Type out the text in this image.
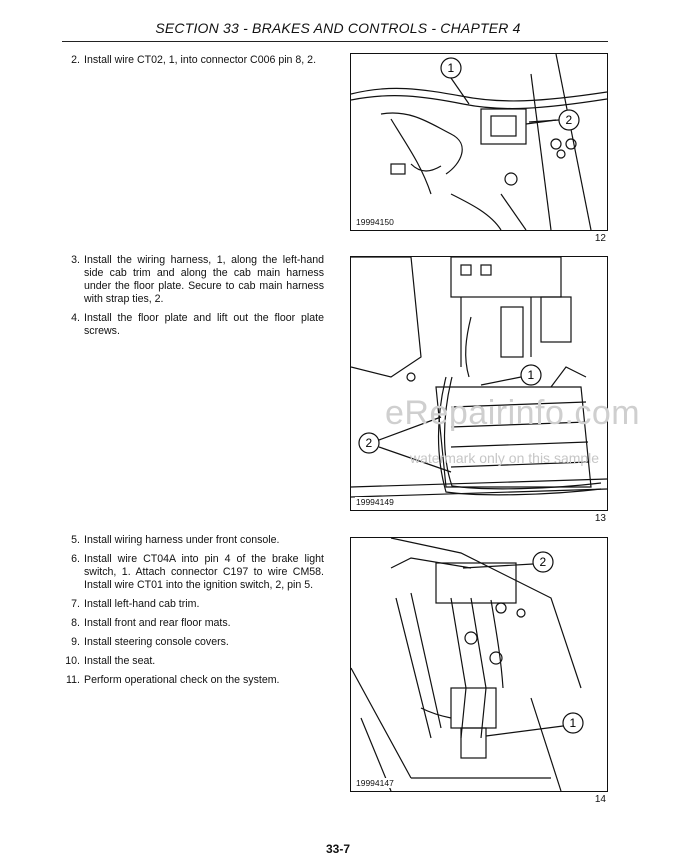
SECTION 33 - BRAKES AND CONTROLS - CHAPTER 4
2. Install wire CT02, 1, into connector C006 pin 8, 2.
1
2
19994150
12
3. Install the wiring harness, 1, along the left-hand side cab trim and along the cab main harness under the floor plate. Secure to cab main harness with strap ties, 2.
4. Install the floor plate and lift out the floor plate screws.
1
2
19994149
13
eRepairinfo.com
watermark only on this sample
5. Install wiring harness under front console.
6. Install wire CT04A into pin 4 of the brake light switch, 1. Attach connector C197 to wire CM58. Install wire CT01 into the ignition switch, 2, pin 5.
7. Install left-hand cab trim.
8. Install front and rear floor mats.
9. Install steering console covers.
10. Install the seat.
11. Perform operational check on the system.
2
1
19994147
14
33-7
